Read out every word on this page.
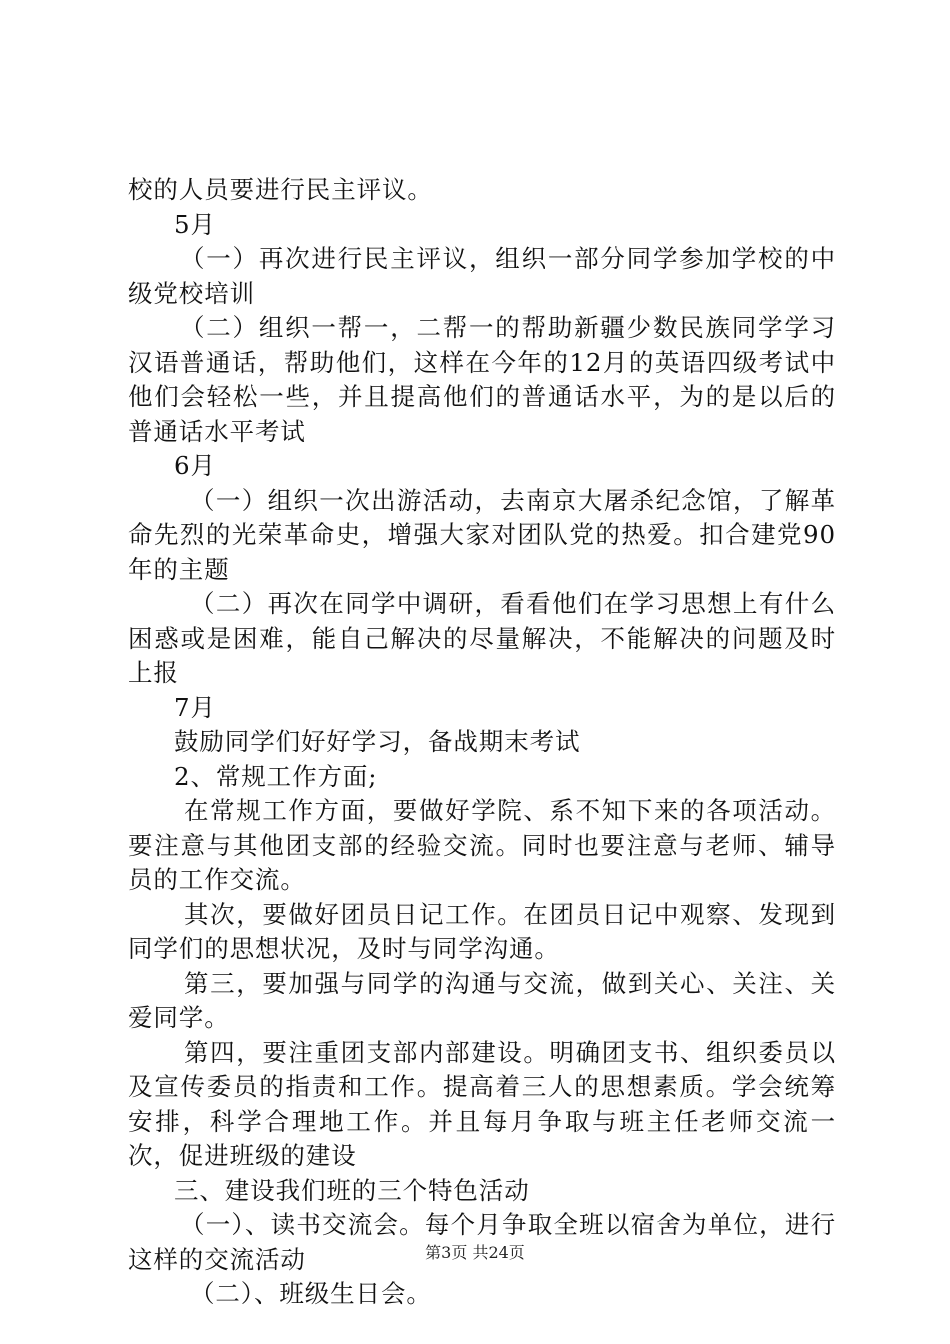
校的人员要进行民主评议。

5月

（一）再次进行民主评议，组织一部分同学参加学校的中级党校培训

（二）组织一帮一，二帮一的帮助新疆少数民族同学学习汉语普通话，帮助他们，这样在今年的12月的英语四级考试中他们会轻松一些，并且提高他们的普通话水平，为的是以后的普通话水平考试

6月

（一）组织一次出游活动，去南京大屠杀纪念馆，了解革命先烈的光荣革命史，增强大家对团队党的热爱。扣合建党90年的主题

（二）再次在同学中调研，看看他们在学习思想上有什么困惑或是困难，能自己解决的尽量解决，不能解决的问题及时上报

7月

鼓励同学们好好学习，备战期末考试

2、常规工作方面;

在常规工作方面，要做好学院、系不知下来的各项活动。要注意与其他团支部的经验交流。同时也要注意与老师、辅导员的工作交流。

其次，要做好团员日记工作。在团员日记中观察、发现到同学们的思想状况，及时与同学沟通。

第三，要加强与同学的沟通与交流，做到关心、关注、关爱同学。

第四，要注重团支部内部建设。明确团支书、组织委员以及宣传委员的指责和工作。提高着三人的思想素质。学会统筹安排，科学合理地工作。并且每月争取与班主任老师交流一次，促进班级的建设

三、建设我们班的三个特色活动

（一）、读书交流会。每个月争取全班以宿舍为单位，进行这样的交流活动

（二）、班级生日会。

第3页 共24页
